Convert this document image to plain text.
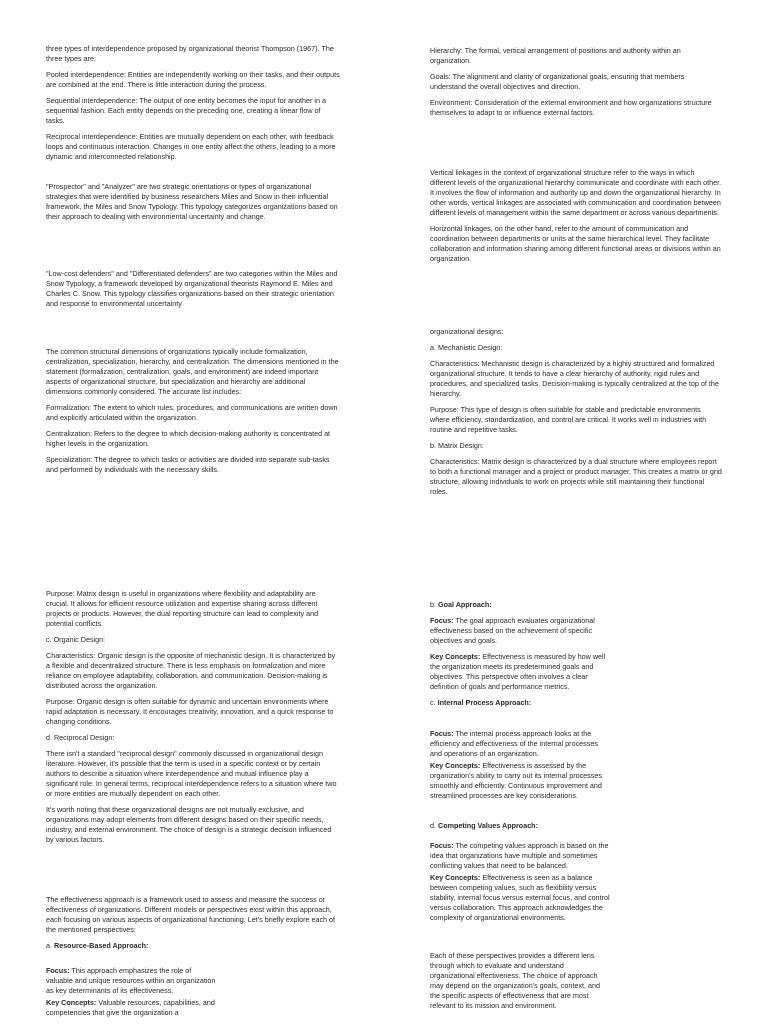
three types of interdependence proposed by organizational theorist Thompson (1967). The three types are:

Pooled interdependence: Entities are independently working on their tasks, and their outputs are combined at the end. There is little interaction during the process.

Sequential interdependence: The output of one entity becomes the input for another in a sequential fashion. Each entity depends on the preceding one, creating a linear flow of tasks.

Reciprocal interdependence: Entities are mutually dependent on each other, with feedback loops and continuous interaction. Changes in one entity affect the others, leading to a more dynamic and interconnected relationship.

"Prospector" and "Analyzer" are two strategic orientations or types of organizational strategies that were identified by business researchers Miles and Snow in their influential framework, the Miles and Snow Typology. This typology categorizes organizations based on their approach to dealing with environmental uncertainty and change.

"Low-cost defenders" and "Differentiated defenders" are two categories within the Miles and Snow Typology, a framework developed by organizational theorists Raymond E. Miles and Charles C. Snow. This typology classifies organizations based on their strategic orientation and response to environmental uncertainty

The common structural dimensions of organizations typically include formalization, centralization, specialization, hierarchy, and centralization. The dimensions mentioned in the statement (formalization, centralization, goals, and environment) are indeed important aspects of organizational structure, but specialization and hierarchy are additional dimensions commonly considered. The accurate list includes:

Formalization: The extent to which rules, procedures, and communications are written down and explicitly articulated within the organization.

Centralization: Refers to the degree to which decision-making authority is concentrated at higher levels in the organization.

Specialization: The degree to which tasks or activities are divided into separate sub-tasks and performed by individuals with the necessary skills.

Hierarchy: The formal, vertical arrangement of positions and authority within an organization.

Goals: The alignment and clarity of organizational goals, ensuring that members understand the overall objectives and direction.

Environment: Consideration of the external environment and how organizations structure themselves to adapt to or influence external factors.

Vertical linkages in the context of organizational structure refer to the ways in which different levels of the organizational hierarchy communicate and coordinate with each other. It involves the flow of information and authority up and down the organizational hierarchy. In other words, vertical linkages are associated with communication and coordination between different levels of management within the same department or across various departments.

Horizontal linkages, on the other hand, refer to the amount of communication and coordination between departments or units at the same hierarchical level. They facilitate collaboration and information sharing among different functional areas or divisions within an organization.

organizational designs:

a. Mechanistic Design:

Characteristics: Mechanistic design is characterized by a highly structured and formalized organizational structure. It tends to have a clear hierarchy of authority, rigid rules and procedures, and specialized tasks. Decision-making is typically centralized at the top of the hierarchy.

Purpose: This type of design is often suitable for stable and predictable environments where efficiency, standardization, and control are critical. It works well in industries with routine and repetitive tasks.

b. Matrix Design:

Characteristics: Matrix design is characterized by a dual structure where employees report to both a functional manager and a project or product manager. This creates a matrix or grid structure, allowing individuals to work on projects while still maintaining their functional roles.

Purpose: Matrix design is useful in organizations where flexibility and adaptability are crucial. It allows for efficient resource utilization and expertise sharing across different projects or products. However, the dual reporting structure can lead to complexity and potential conflicts.

c. Organic Design:

Characteristics: Organic design is the opposite of mechanistic design. It is characterized by a flexible and decentralized structure. There is less emphasis on formalization and more reliance on employee adaptability, collaboration, and communication. Decision-making is distributed across the organization.

Purpose: Organic design is often suitable for dynamic and uncertain environments where rapid adaptation is necessary. It encourages creativity, innovation, and a quick response to changing conditions.

d. Reciprocal Design:

There isn't a standard "reciprocal design" commonly discussed in organizational design literature. However, it's possible that the term is used in a specific context or by certain authors to describe a situation where interdependence and mutual influence play a significant role. In general terms, reciprocal interdependence refers to a situation where two or more entities are mutually dependent on each other.

It's worth noting that these organizational designs are not mutually exclusive, and organizations may adopt elements from different designs based on their specific needs, industry, and external environment. The choice of design is a strategic decision influenced by various factors.

The effectiveness approach is a framework used to assess and measure the success or effectiveness of organizations. Different models or perspectives exist within this approach, each focusing on various aspects of organizational functioning. Let's briefly explore each of the mentioned perspectives:

a. Resource-Based Approach:

Focus: This approach emphasizes the role of valuable and unique resources within an organization as key determinants of its effectiveness.

Key Concepts: Valuable resources, capabilities, and competencies that give the organization a

b. Goal Approach:

Focus: The goal approach evaluates organizational effectiveness based on the achievement of specific objectives and goals.

Key Concepts: Effectiveness is measured by how well the organization meets its predetermined goals and objectives. This perspective often involves a clear definition of goals and performance metrics.

c. Internal Process Approach:

Focus: The internal process approach looks at the efficiency and effectiveness of the internal processes and operations of an organization.

Key Concepts: Effectiveness is assessed by the organization's ability to carry out its internal processes smoothly and efficiently. Continuous improvement and streamlined processes are key considerations.

d. Competing Values Approach:

Focus: The competing values approach is based on the idea that organizations have multiple and sometimes conflicting values that need to be balanced.

Key Concepts: Effectiveness is seen as a balance between competing values, such as flexibility versus stability, internal focus versus external focus, and control versus collaboration. This approach acknowledges the complexity of organizational environments.

Each of these perspectives provides a different lens through which to evaluate and understand organizational effectiveness. The choice of approach may depend on the organization's goals, context, and the specific aspects of effectiveness that are most relevant to its mission and environment.
